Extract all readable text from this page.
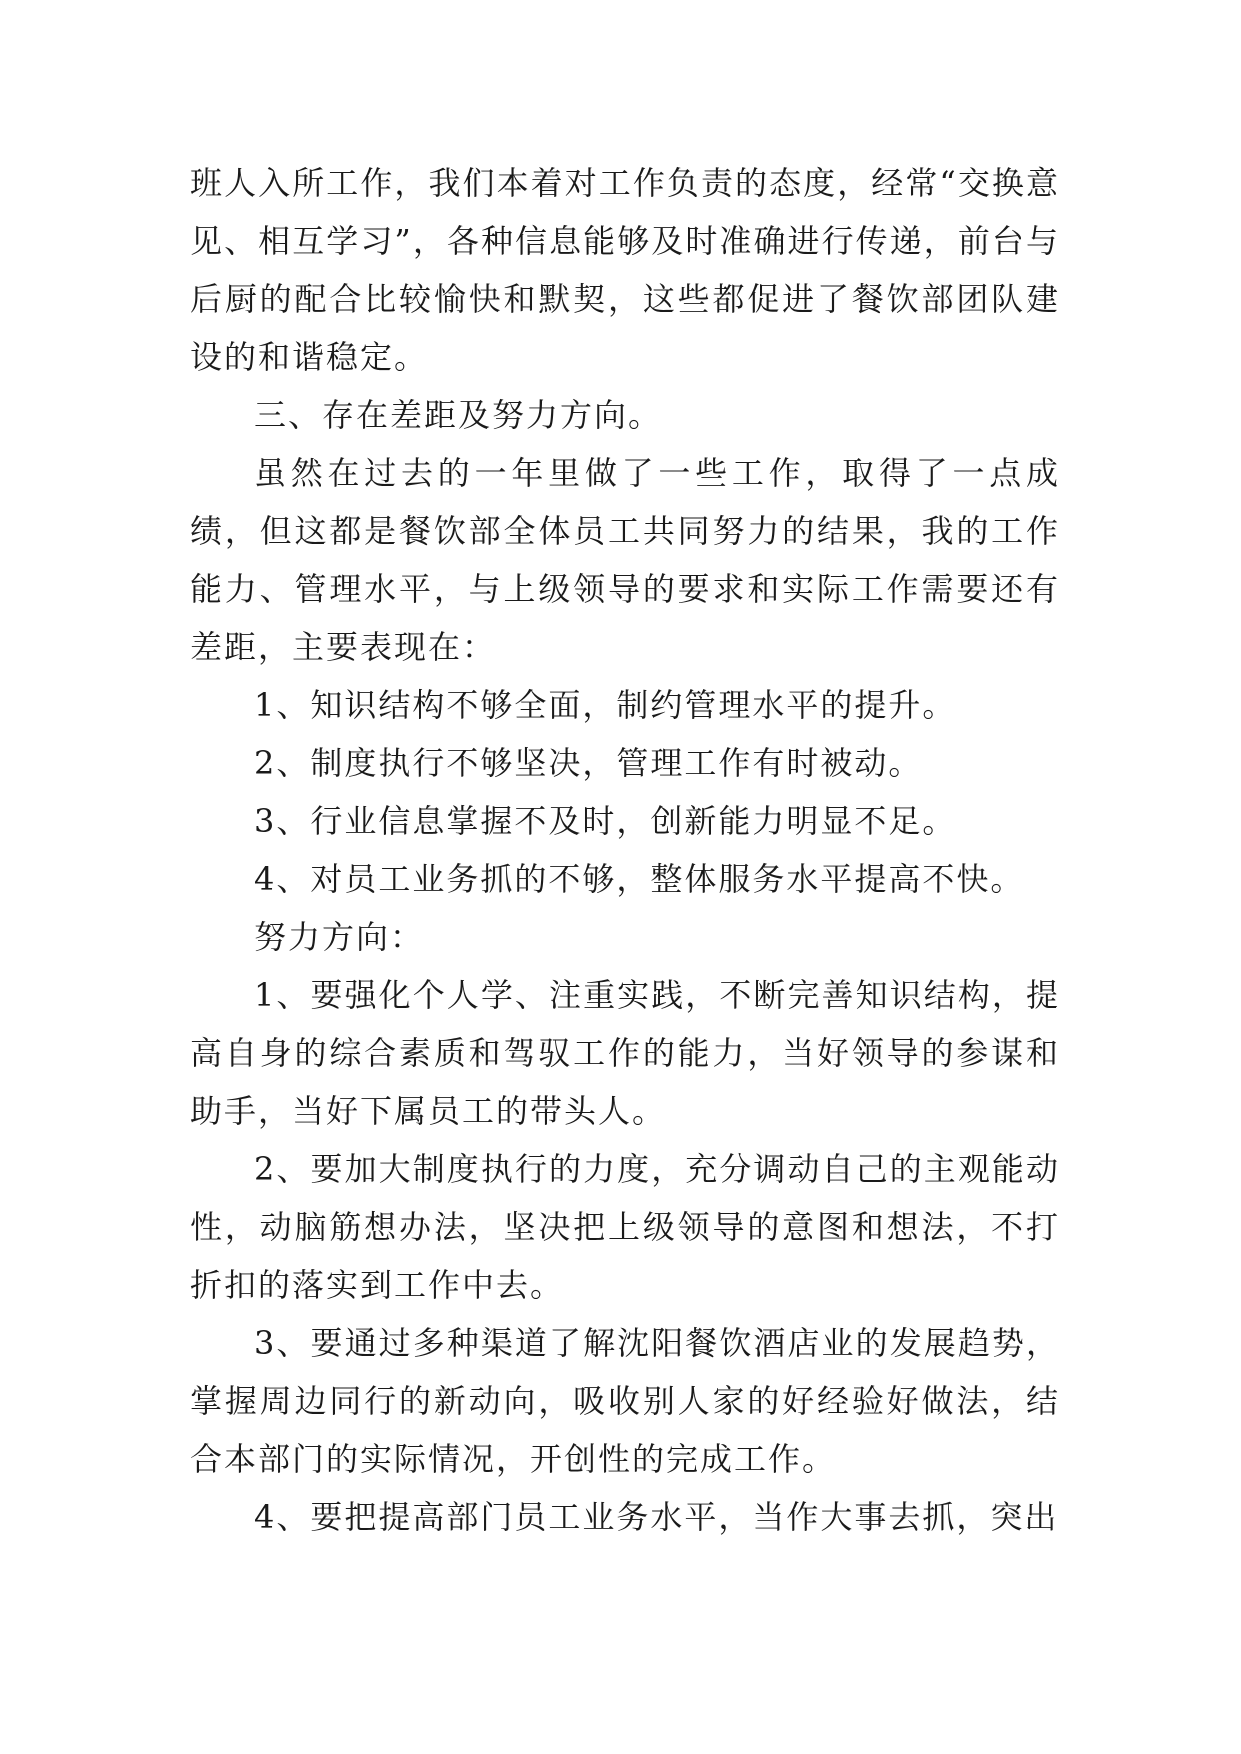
班人入所工作，我们本着对工作负责的态度，经常“交换意见、相互学习”，各种信息能够及时准确进行传递，前台与后厨的配合比较愉快和默契，这些都促进了餐饮部团队建设的和谐稳定。

三、存在差距及努力方向。

虽然在过去的一年里做了一些工作，取得了一点成绩，但这都是餐饮部全体员工共同努力的结果，我的工作能力、管理水平，与上级领导的要求和实际工作需要还有差距，主要表现在：

1、知识结构不够全面，制约管理水平的提升。

2、制度执行不够坚决，管理工作有时被动。

3、行业信息掌握不及时，创新能力明显不足。

4、对员工业务抓的不够，整体服务水平提高不快。

努力方向：

1、要强化个人学、注重实践，不断完善知识结构，提高自身的综合素质和驾驭工作的能力，当好领导的参谋和助手，当好下属员工的带头人。

2、要加大制度执行的力度，充分调动自己的主观能动性，动脑筋想办法，坚决把上级领导的意图和想法，不打折扣的落实到工作中去。

3、要通过多种渠道了解沈阳餐饮酒店业的发展趋势，掌握周边同行的新动向，吸收别人家的好经验好做法，结合本部门的实际情况，开创性的完成工作。

4、要把提高部门员工业务水平，当作大事去抓，突出
